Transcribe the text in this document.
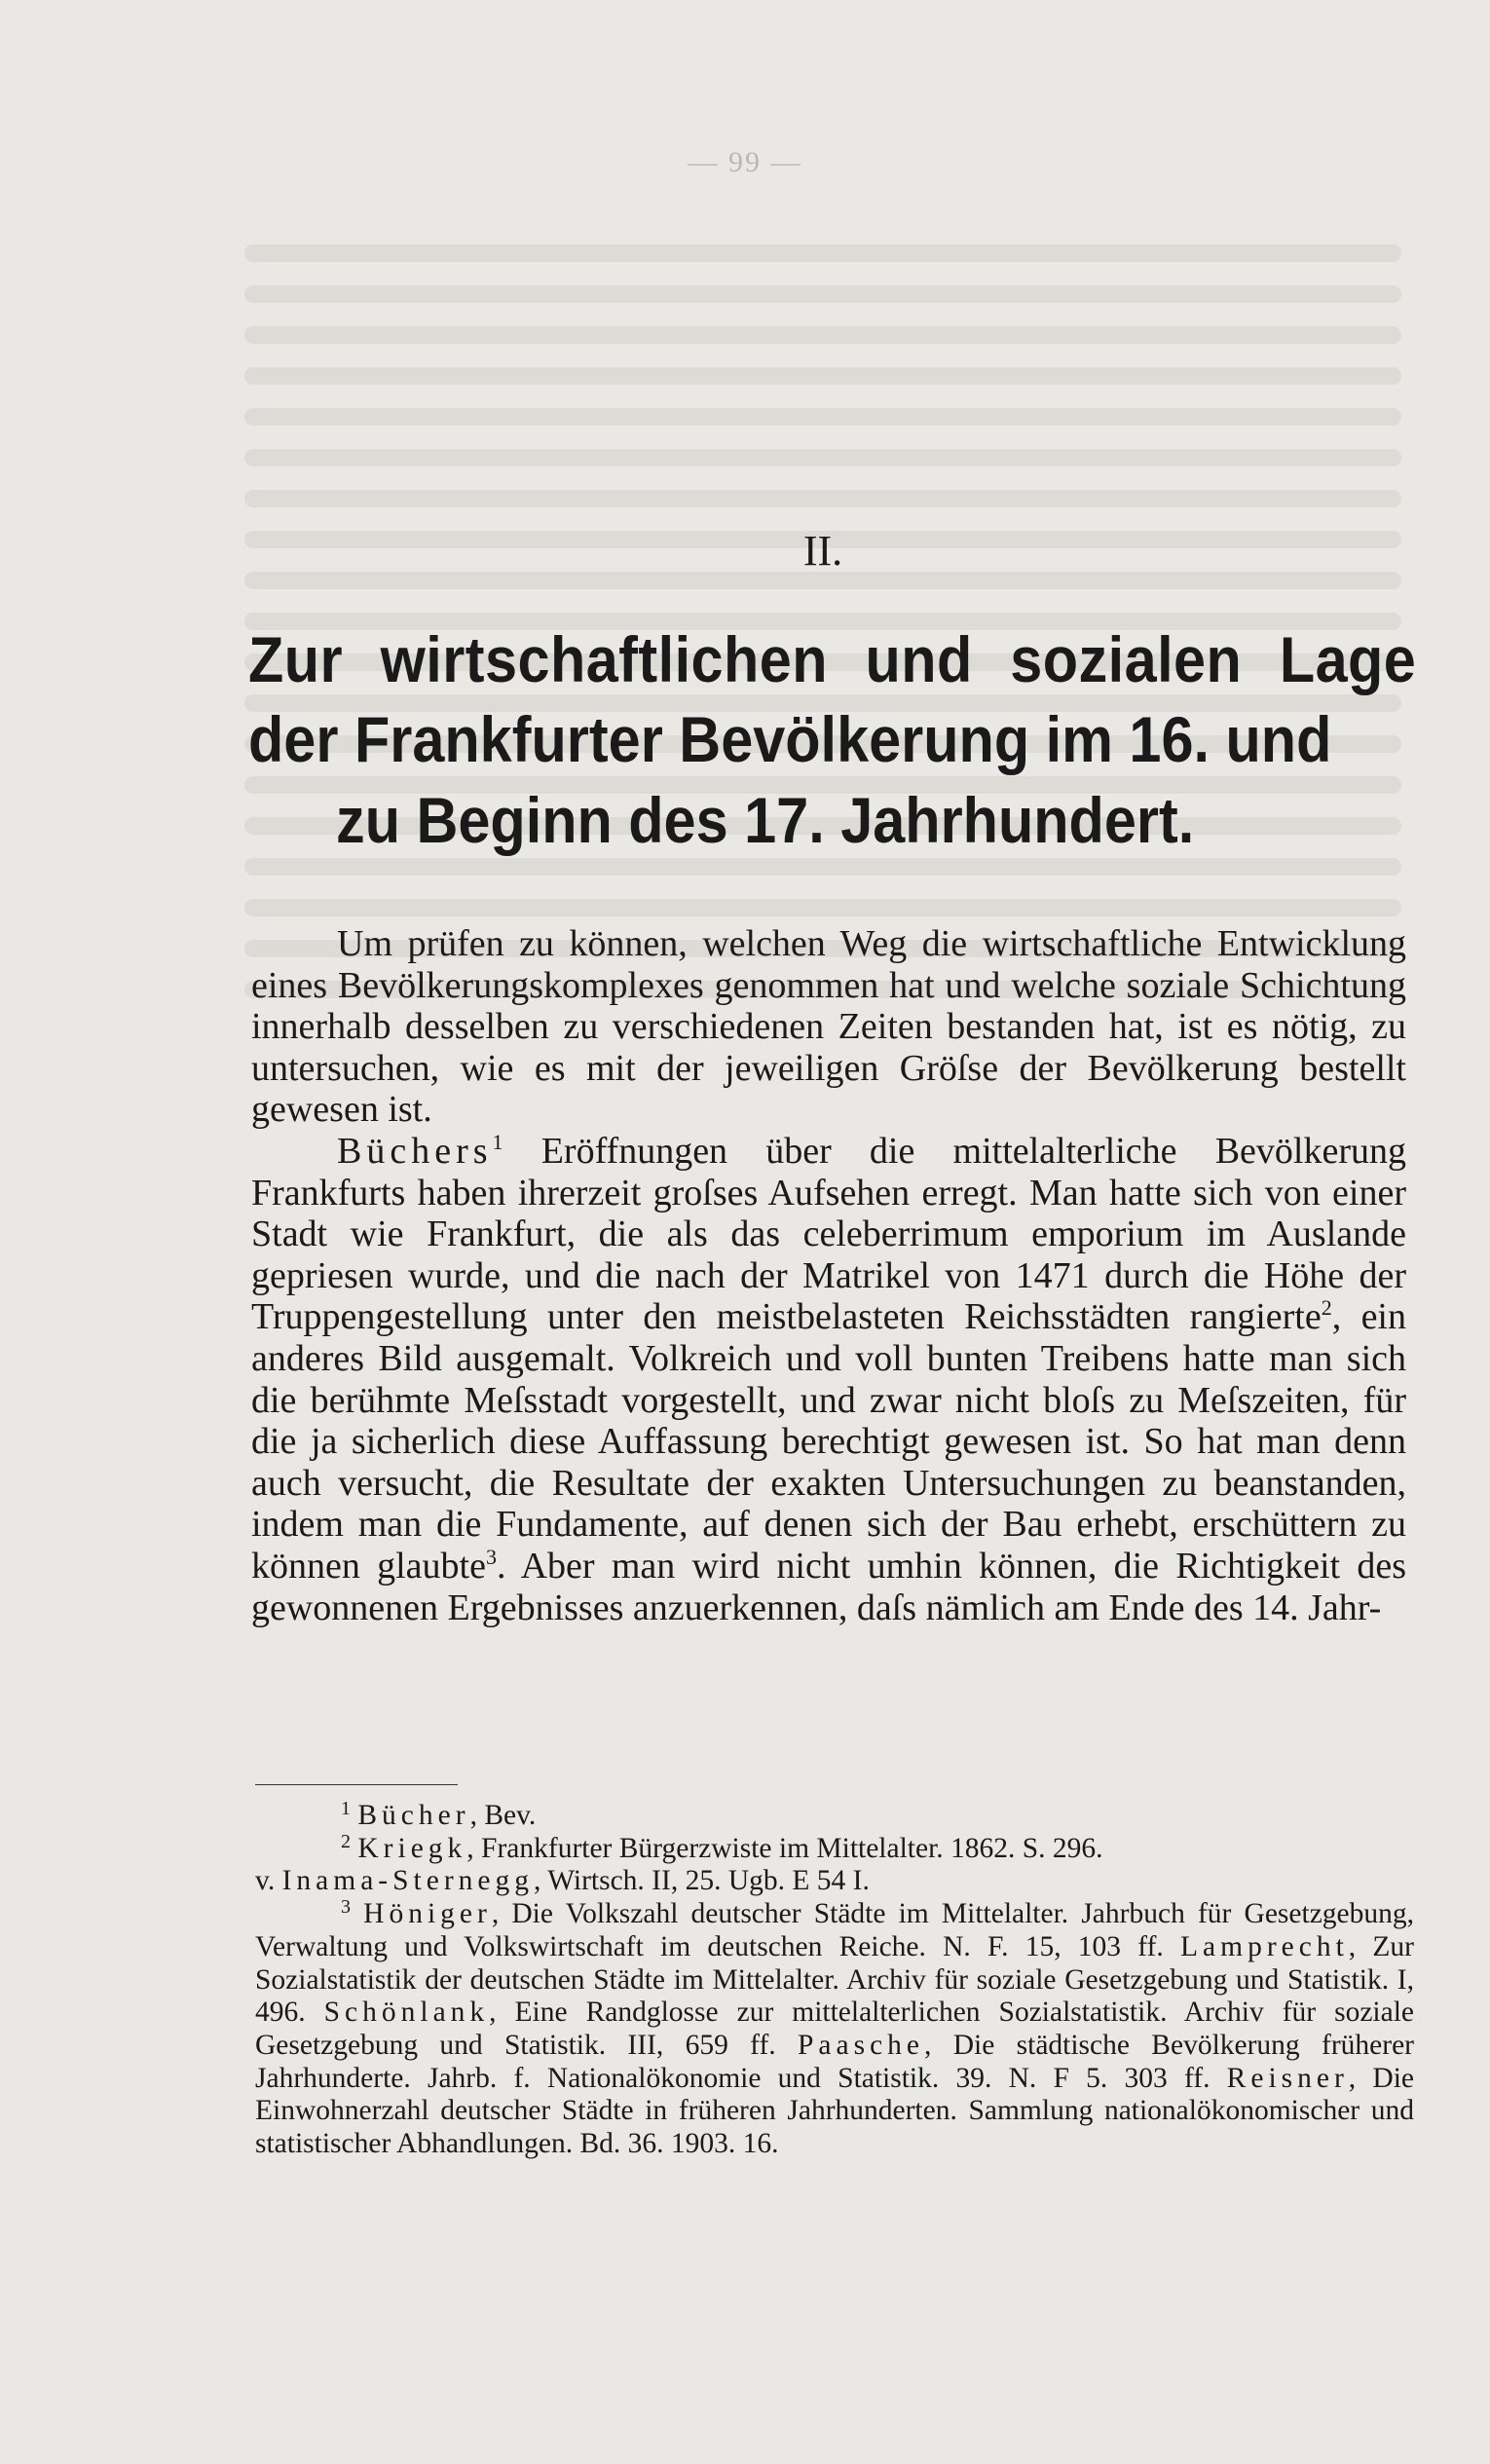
— 99 —
II.
Zur wirtschaftlichen und sozialen Lage
der Frankfurter Bevölkerung im 16. und
zu Beginn des 17. Jahrhundert.

Um prüfen zu können, welchen Weg die wirtschaftliche Entwicklung eines Bevölkerungskomplexes genommen hat und welche soziale Schichtung innerhalb desselben zu verschiedenen Zeiten bestanden hat, ist es nötig, zu untersuchen, wie es mit der jeweiligen Gröſse der Bevölkerung bestellt gewesen ist.

Büchers$^1$ Eröffnungen über die mittelalterliche Bevölkerung Frankfurts haben ihrerzeit groſses Aufsehen erregt. Man hatte sich von einer Stadt wie Frankfurt, die als das celeberrimum emporium im Auslande gepriesen wurde, und die nach der Matrikel von 1471 durch die Höhe der Truppengestellung unter den meistbelasteten Reichsstädten rangierte$^2$, ein anderes Bild ausgemalt. Volkreich und voll bunten Treibens hatte man sich die berühmte Meſsstadt vorgestellt, und zwar nicht bloſs zu Meſszeiten, für die ja sicherlich diese Auffassung berechtigt gewesen ist. So hat man denn auch versucht, die Resultate der exakten Untersuchungen zu beanstanden, indem man die Fundamente, auf denen sich der Bau erhebt, erschüttern zu können glaubte$^3$. Aber man wird nicht umhin können, die Richtigkeit des gewonnenen Ergebnisses anzuerkennen, daſs nämlich am Ende des 14. Jahr-

$^1$ Bücher, Bev.

$^2$ Kriegk, Frankfurter Bürgerzwiste im Mittelalter. 1862. S. 296.

v. Inama-Sternegg, Wirtsch. II, 25. Ugb. E 54 I.

$^3$ Höniger, Die Volkszahl deutscher Städte im Mittelalter. Jahrbuch für Gesetzgebung, Verwaltung und Volkswirtschaft im deutschen Reiche. N. F. 15, 103 ff. Lamprecht, Zur Sozialstatistik der deutschen Städte im Mittelalter. Archiv für soziale Gesetzgebung und Statistik. I, 496. Schönlank, Eine Randglosse zur mittelalterlichen Sozialstatistik. Archiv für soziale Gesetzgebung und Statistik. III, 659 ff. Paasche, Die städtische Bevölkerung früherer Jahrhunderte. Jahrb. f. Nationalökonomie und Statistik. 39. N. F 5. 303 ff. Reisner, Die Einwohnerzahl deutscher Städte in früheren Jahrhunderten. Sammlung nationalökonomischer und statistischer Abhandlungen. Bd. 36. 1903. 16.
